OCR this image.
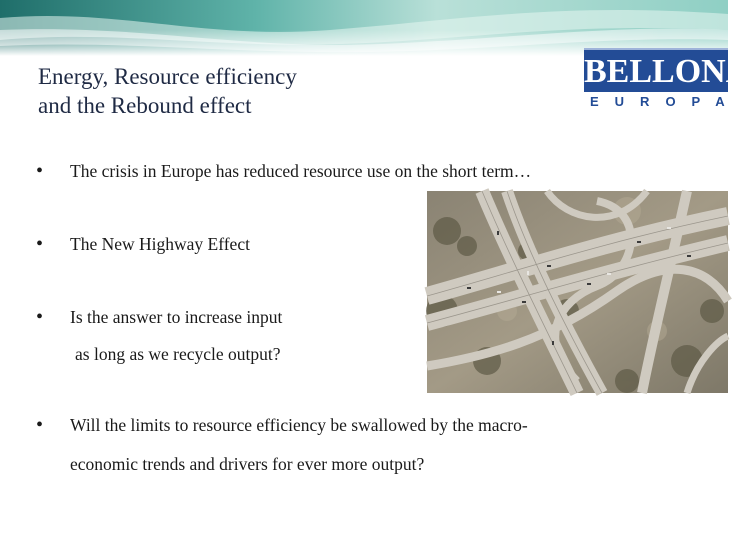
Energy, Resource efficiency
and the Rebound effect
BELLONA
EUROPA
• The crisis in Europe has reduced resource use on the short term…
• The New Highway Effect
• Is the answer to increase input
as long as we recycle output?
• Will the limits to resource efficiency be swallowed by the macro-
economic trends and drivers for ever more output?
